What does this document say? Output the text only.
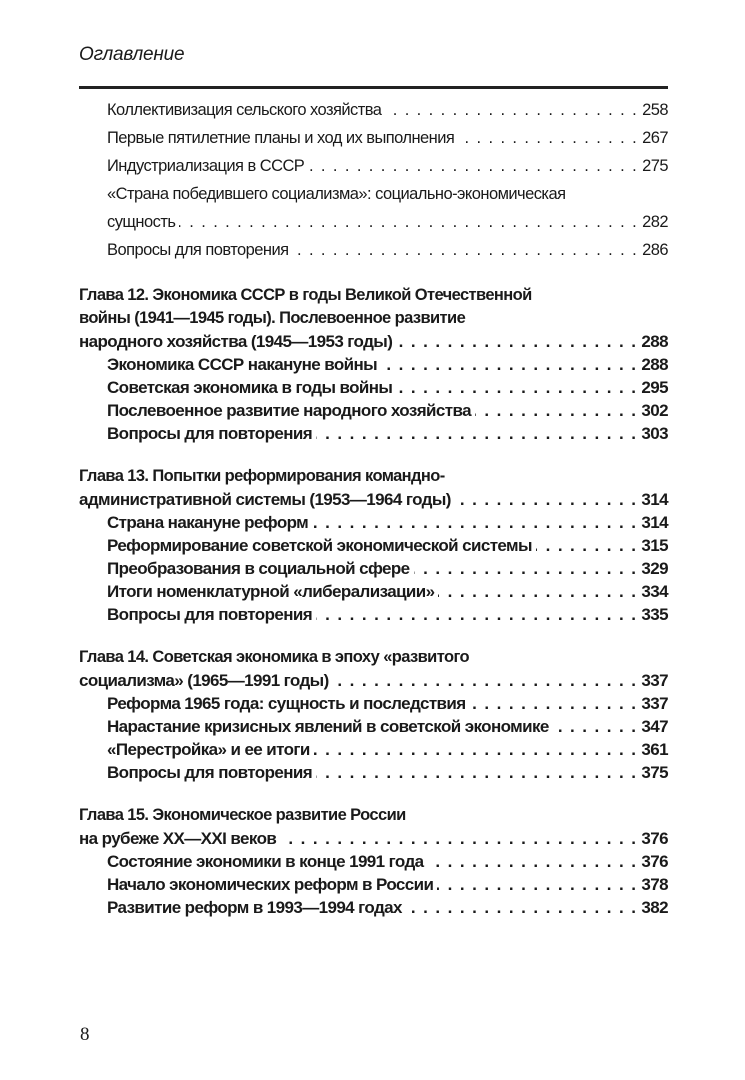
Оглавление
Коллективизация сельского хозяйства . . .	258
Первые пятилетние планы и ход их выполнения . . .	267
Индустриализация в СССР . . .	275
«Страна победившего социализма»: социально-экономическая
сущность . . .	282
Вопросы для повторения . . .	286
Глава 12. Экономика СССР в годы Великой Отечественной
войны (1941—1945 годы). Послевоенное развитие
народного хозяйства (1945—1953 годы) . . .	288
Экономика СССР накануне войны . . .	288
Советская экономика в годы войны . . .	295
Послевоенное развитие народного хозяйства . . .	302
Вопросы для повторения . . .	303
Глава 13. Попытки реформирования командно-
административной системы (1953—1964 годы) . . .	314
Страна накануне реформ . . .	314
Реформирование советской экономической системы . . .	315
Преобразования в социальной сфере . . .	329
Итоги номенклатурной «либерализации» . . .	334
Вопросы для повторения . . .	335
Глава 14. Советская экономика в эпоху «развитого
социализма» (1965—1991 годы) . . .	337
Реформа 1965 года: сущность и последствия . . .	337
Нарастание кризисных явлений в советской экономике . . .	347
«Перестройка» и ее итоги . . .	361
Вопросы для повторения . . .	375
Глава 15. Экономическое развитие России
на рубеже XX—XXI веков . . .	376
Состояние экономики в конце 1991 года . . .	376
Начало экономических реформ в России . . .	378
Развитие реформ в 1993—1994 годах . . .	382
8
